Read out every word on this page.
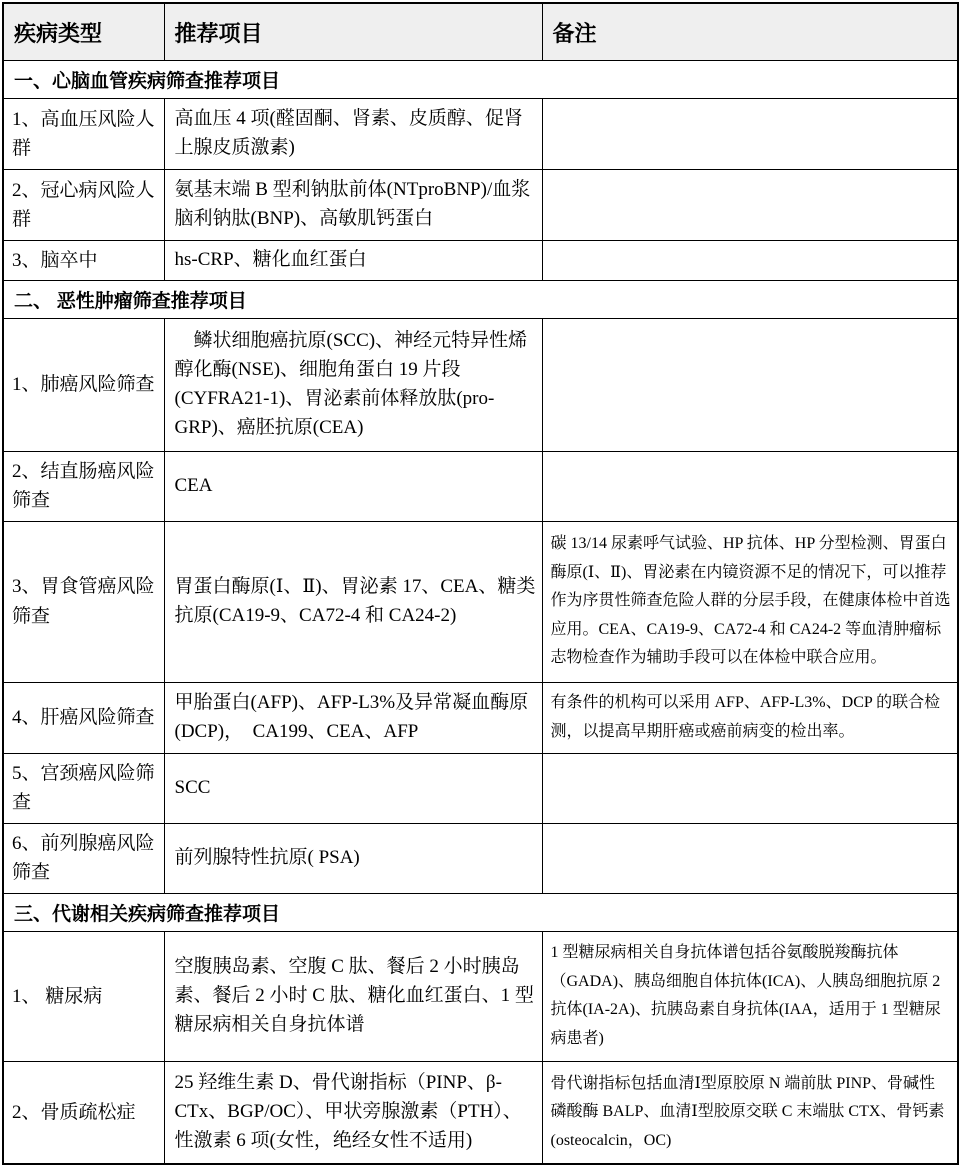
疾病类型	推荐项目	备注
一、心脑血管疾病筛查推荐项目		
1、高血压风险人群	高血压 4 项(醛固酮、肾素、皮质醇、促肾上腺皮质激素)	
2、冠心病风险人群	氨基末端 B 型利钠肽前体(NTproBNP)/血浆脑利钠肽(BNP)、高敏肌钙蛋白	
3、脑卒中	hs-CRP、糖化血红蛋白	
二、 恶性肿瘤筛查推荐项目		
1、肺癌风险筛查	　鳞状细胞癌抗原(SCC)、神经元特异性烯醇化酶(NSE)、细胞角蛋白 19 片段(CYFRA21-1)、胃泌素前体释放肽(pro-GRP)、癌胚抗原(CEA)	
2、结直肠癌风险筛查	CEA	
3、胃食管癌风险筛查	胃蛋白酶原(Ⅰ、Ⅱ)、胃泌素 17、CEA、糖类抗原(CA19-9、CA72-4 和 CA24-2)	碳 13/14 尿素呼气试验、HP 抗体、HP 分型检测、胃蛋白酶原(Ⅰ、Ⅱ)、胃泌素在内镜资源不足的情况下，可以推荐作为序贯性筛查危险人群的分层手段，在健康体检中首选应用。CEA、CA19-9、CA72-4 和 CA24-2 等血清肿瘤标志物检查作为辅助手段可以在体检中联合应用。
4、肝癌风险筛查	甲胎蛋白(AFP)、AFP-L3%及异常凝血酶原(DCP)，  CA199、CEA、AFP	有条件的机构可以采用 AFP、AFP-L3%、DCP 的联合检测，以提高早期肝癌或癌前病变的检出率。
5、宫颈癌风险筛查	SCC	
6、前列腺癌风险筛查	前列腺特性抗原( PSA)	
三、代谢相关疾病筛查推荐项目		
1、 糖尿病	空腹胰岛素、空腹 C 肽、餐后 2 小时胰岛素、餐后 2 小时 C 肽、糖化血红蛋白、1 型糖尿病相关自身抗体谱	1 型糖尿病相关自身抗体谱包括谷氨酸脱羧酶抗体（GADA)、胰岛细胞自体抗体(ICA)、人胰岛细胞抗原 2 抗体(IA-2A)、抗胰岛素自身抗体(IAA，适用于 1 型糖尿病患者)
2、骨质疏松症	25 羟维生素 D、骨代谢指标（PINP、β-CTx、BGP/OC）、甲状旁腺激素（PTH）、性激素 6 项(女性，绝经女性不适用)	骨代谢指标包括血清Ⅰ型原胶原 N 端前肽 PINP、骨碱性磷酸酶 BALP、血清Ⅰ型胶原交联 C 末端肽 CTX、骨钙素(osteocalcin，OC)
